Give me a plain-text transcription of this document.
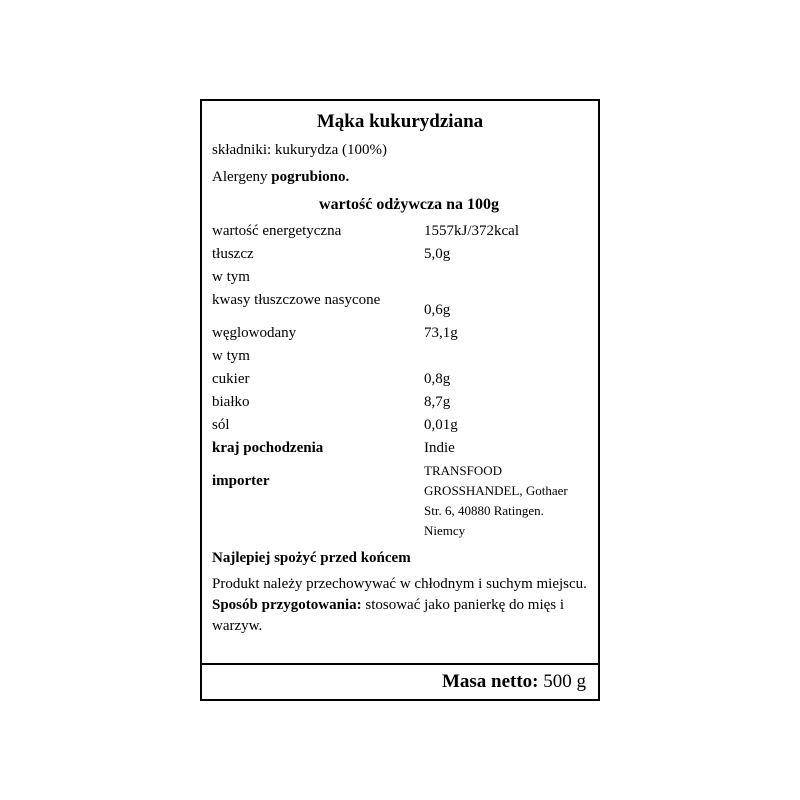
Mąka kukurydziana
składniki: kukurydza (100%)
Alergeny pogrubiono.
wartość odżywcza na 100g
wartość energetyczna	1557kJ/372kcal
tłuszcz	5,0g
w tym	
kwasy tłuszczowe nasycone	0,6g
węglowodany	73,1g
w tym	
cukier	0,8g
białko	8,7g
sól	0,01g
kraj pochodzenia	Indie
importer	TRANSFOOD GROSSHANDEL, Gothaer Str. 6, 40880 Ratingen. Niemcy
Najlepiej spożyć przed końcem
Produkt należy przechowywać w chłodnym i suchym miejscu. Sposób przygotowania: stosować jako panierkę do mięs i warzyw.
Masa netto: 500 g
